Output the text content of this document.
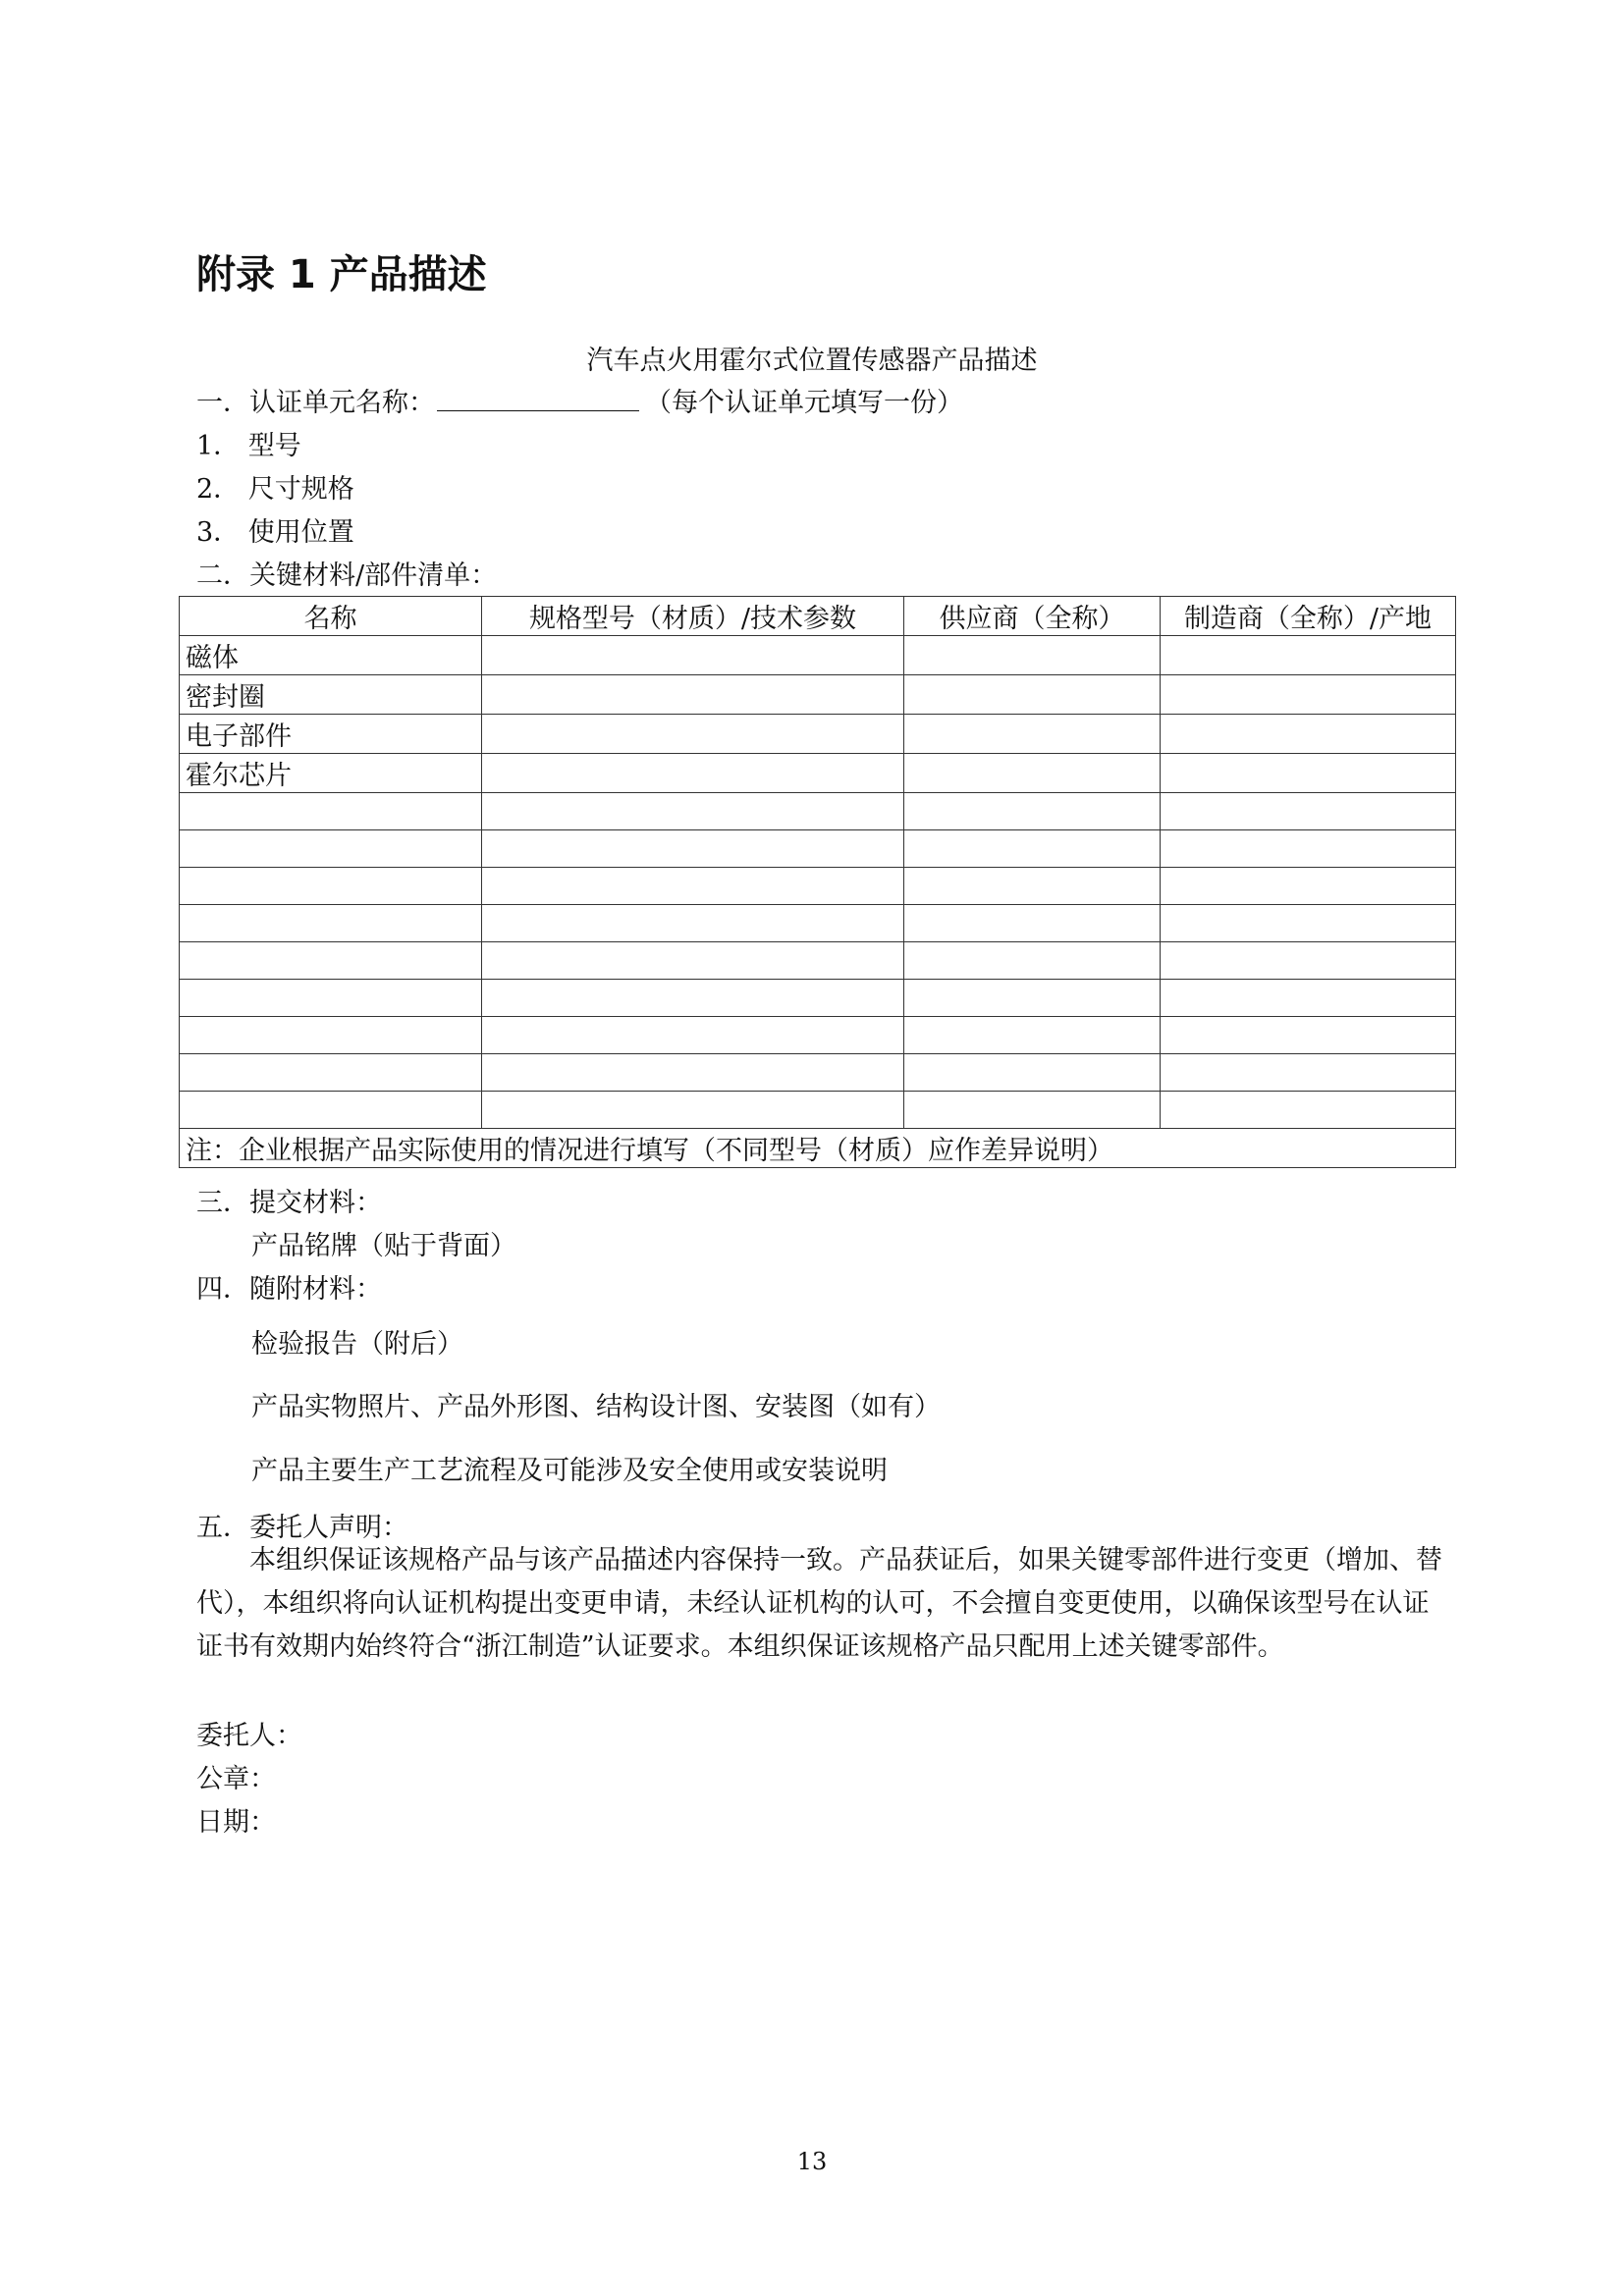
附录 1 产品描述
汽车点火用霍尔式位置传感器产品描述
一．认证单元名称：	（每个认证单元填写一份）
1． 型号
2． 尺寸规格
3． 使用位置
二．关键材料/部件清单：
名称	规格型号（材质）/技术参数	供应商（全称）	制造商（全称）/产地
磁体			
密封圈			
电子部件			
霍尔芯片			

注：企业根据产品实际使用的情况进行填写（不同型号（材质）应作差异说明）			
三．提交材料：
产品铭牌（贴于背面）
四．随附材料：
检验报告（附后）
产品实物照片、产品外形图、结构设计图、安装图（如有）
产品主要生产工艺流程及可能涉及安全使用或安装说明
五．委托人声明：
本组织保证该规格产品与该产品描述内容保持一致。产品获证后，如果关键零部件进行变更（增加、替代），本组织将向认证机构提出变更申请，未经认证机构的认可，不会擅自变更使用，以确保该型号在认证证书有效期内始终符合“浙江制造”认证要求。本组织保证该规格产品只配用上述关键零部件。
委托人：
公章：
日期：
13
